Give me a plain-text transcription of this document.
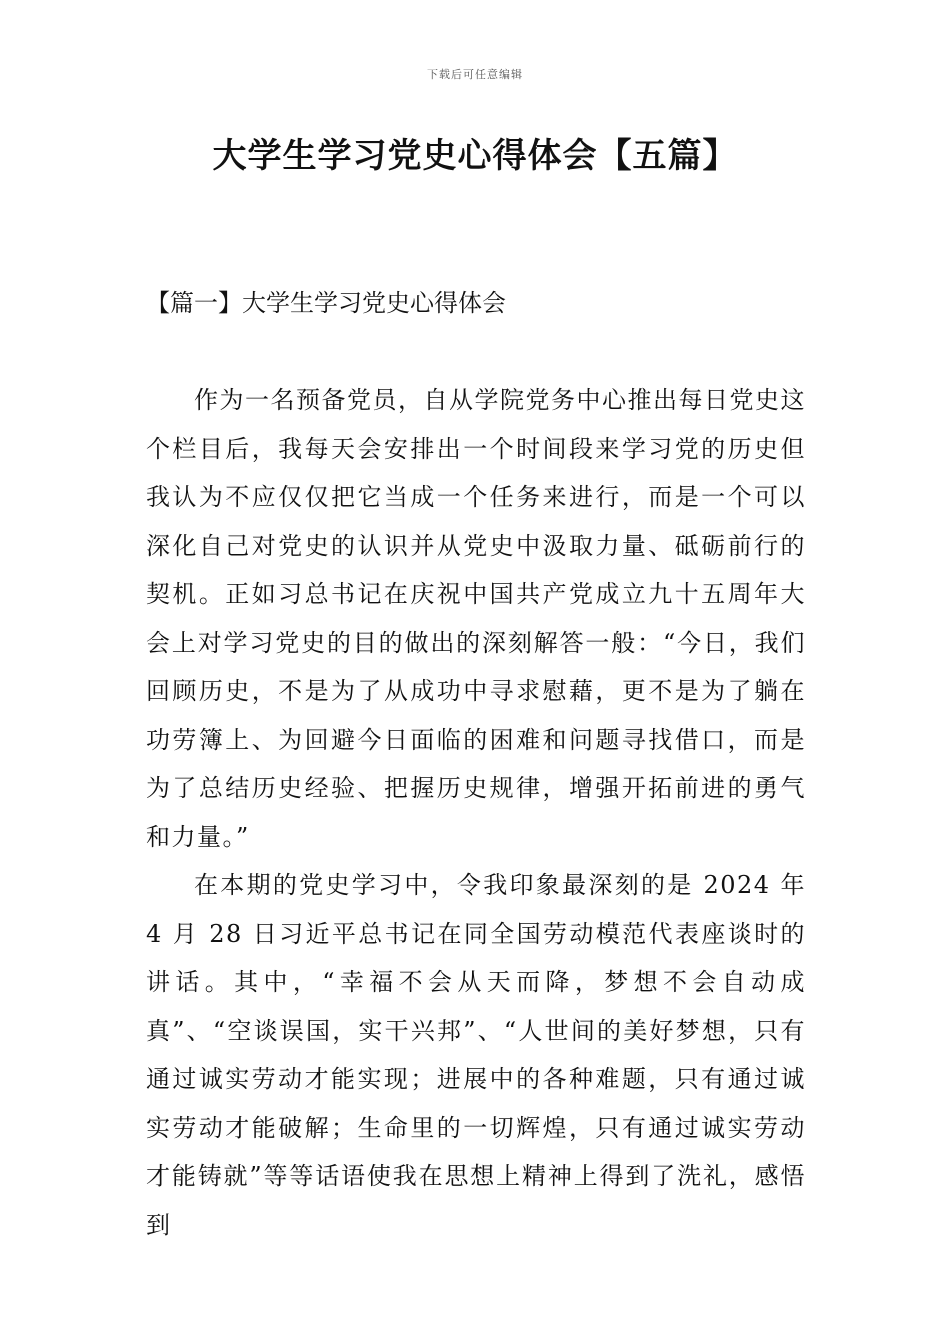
下载后可任意编辑
大学生学习党史心得体会【五篇】
【篇一】大学生学习党史心得体会

作为一名预备党员，自从学院党务中心推出每日党史这个栏目后，我每天会安排出一个时间段来学习党的历史但我认为不应仅仅把它当成一个任务来进行，而是一个可以深化自己对党史的认识并从党史中汲取力量、砥砺前行的契机。正如习总书记在庆祝中国共产党成立九十五周年大会上对学习党史的目的做出的深刻解答一般：“今日，我们回顾历史，不是为了从成功中寻求慰藉，更不是为了躺在功劳簿上、为回避今日面临的困难和问题寻找借口，而是为了总结历史经验、把握历史规律，增强开拓前进的勇气和力量。”

在本期的党史学习中，令我印象最深刻的是 2024 年 4 月 28 日习近平总书记在同全国劳动模范代表座谈时的讲话。其中，“幸福不会从天而降，梦想不会自动成真”、“空谈误国，实干兴邦”、“人世间的美好梦想，只有通过诚实劳动才能实现；进展中的各种难题，只有通过诚实劳动才能破解；生命里的一切辉煌，只有通过诚实劳动才能铸就”等等话语使我在思想上精神上得到了洗礼，感悟到
